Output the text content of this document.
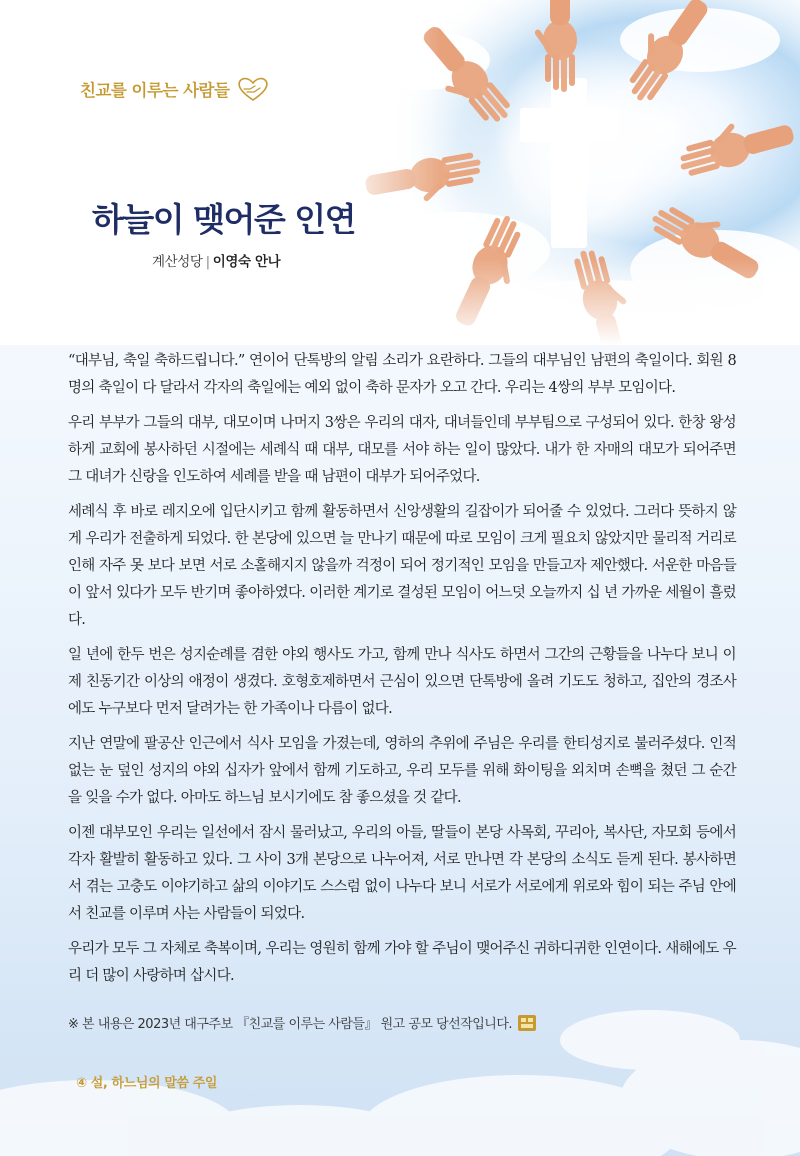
친교를 이루는 사람들
하늘이 맺어준 인연
계산성당 | 이영숙 안나

“대부님, 축일 축하드립니다.” 연이어 단톡방의 알림 소리가 요란하다. 그들의 대부님인 남편의 축일이다. 회원 8명의 축일이 다 달라서 각자의 축일에는 예외 없이 축하 문자가 오고 간다. 우리는 4쌍의 부부 모임이다.

우리 부부가 그들의 대부, 대모이며 나머지 3쌍은 우리의 대자, 대녀들인데 부부팀으로 구성되어 있다. 한창 왕성하게 교회에 봉사하던 시절에는 세례식 때 대부, 대모를 서야 하는 일이 많았다. 내가 한 자매의 대모가 되어주면 그 대녀가 신랑을 인도하여 세례를 받을 때 남편이 대부가 되어주었다.

세례식 후 바로 레지오에 입단시키고 함께 활동하면서 신앙생활의 길잡이가 되어줄 수 있었다. 그러다 뜻하지 않게 우리가 전출하게 되었다. 한 본당에 있으면 늘 만나기 때문에 따로 모임이 크게 필요치 않았지만 물리적 거리로 인해 자주 못 보다 보면 서로 소홀해지지 않을까 걱정이 되어 정기적인 모임을 만들고자 제안했다. 서운한 마음들이 앞서 있다가 모두 반기며 좋아하였다. 이러한 계기로 결성된 모임이 어느덧 오늘까지 십 년 가까운 세월이 흘렀다.

일 년에 한두 번은 성지순례를 겸한 야외 행사도 가고, 함께 만나 식사도 하면서 그간의 근황들을 나누다 보니 이제 친동기간 이상의 애정이 생겼다. 호형호제하면서 근심이 있으면 단톡방에 올려 기도도 청하고, 집안의 경조사에도 누구보다 먼저 달려가는 한 가족이나 다름이 없다.

지난 연말에 팔공산 인근에서 식사 모임을 가졌는데, 영하의 추위에 주님은 우리를 한티성지로 불러주셨다. 인적 없는 눈 덮인 성지의 야외 십자가 앞에서 함께 기도하고, 우리 모두를 위해 화이팅을 외치며 손뼉을 쳤던 그 순간을 잊을 수가 없다. 아마도 하느님 보시기에도 참 좋으셨을 것 같다.

이젠 대부모인 우리는 일선에서 잠시 물러났고, 우리의 아들, 딸들이 본당 사목회, 꾸리아, 복사단, 자모회 등에서 각자 활발히 활동하고 있다. 그 사이 3개 본당으로 나누어져, 서로 만나면 각 본당의 소식도 듣게 된다. 봉사하면서 겪는 고충도 이야기하고 삶의 이야기도 스스럼 없이 나누다 보니 서로가 서로에게 위로와 힘이 되는 주님 안에서 친교를 이루며 사는 사람들이 되었다.

우리가 모두 그 자체로 축복이며, 우리는 영원히 함께 가야 할 주님이 맺어주신 귀하디귀한 인연이다. 새해에도 우리 더 많이 사랑하며 삽시다.

※ 본 내용은 2023년 대구주보 『친교를 이루는 사람들』 원고 공모 당선작입니다.
④ 설, 하느님의 말씀 주일
